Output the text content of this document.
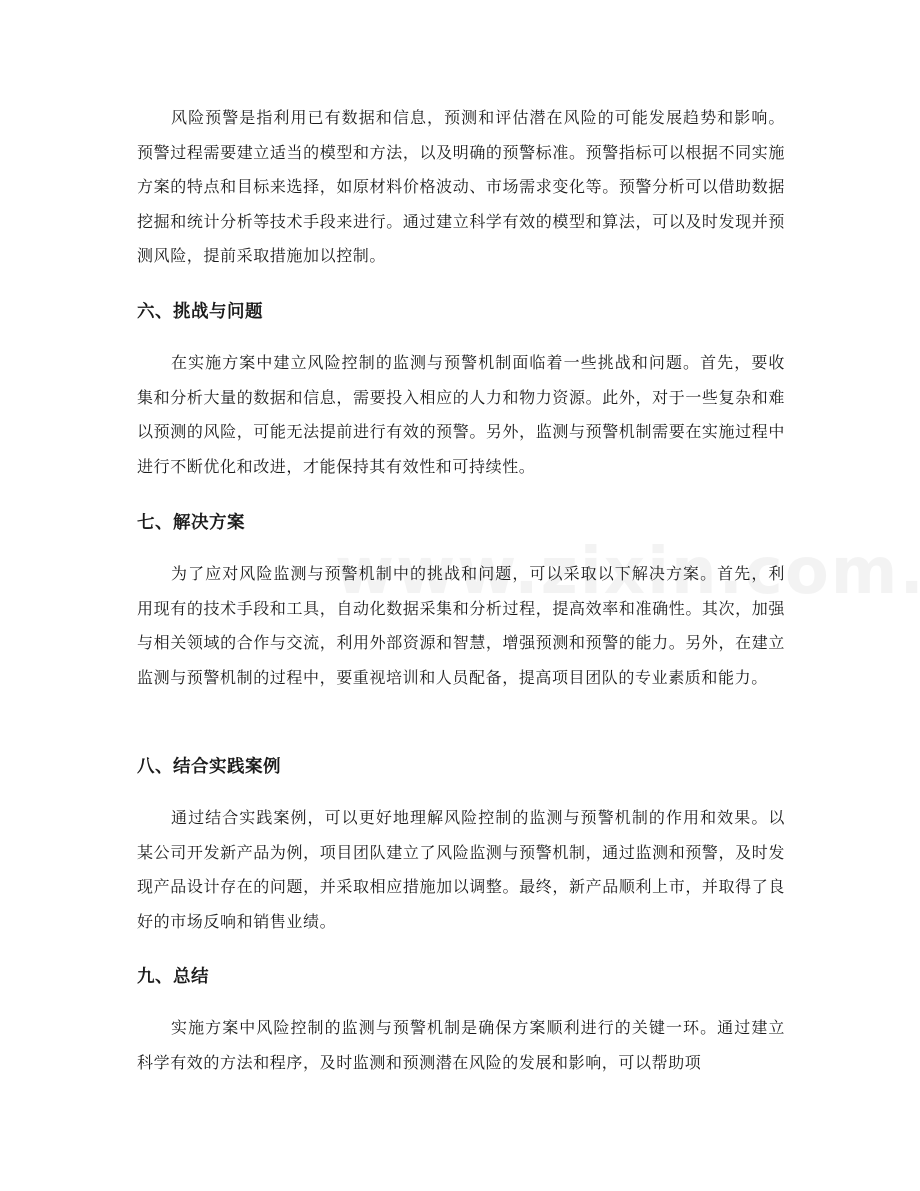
风险预警是指利用已有数据和信息，预测和评估潜在风险的可能发展趋势和影响。预警过程需要建立适当的模型和方法，以及明确的预警标准。预警指标可以根据不同实施方案的特点和目标来选择，如原材料价格波动、市场需求变化等。预警分析可以借助数据挖掘和统计分析等技术手段来进行。通过建立科学有效的模型和算法，可以及时发现并预测风险，提前采取措施加以控制。

六、挑战与问题

在实施方案中建立风险控制的监测与预警机制面临着一些挑战和问题。首先，要收集和分析大量的数据和信息，需要投入相应的人力和物力资源。此外，对于一些复杂和难以预测的风险，可能无法提前进行有效的预警。另外，监测与预警机制需要在实施过程中进行不断优化和改进，才能保持其有效性和可持续性。

七、解决方案

为了应对风险监测与预警机制中的挑战和问题，可以采取以下解决方案。首先，利用现有的技术手段和工具，自动化数据采集和分析过程，提高效率和准确性。其次，加强与相关领域的合作与交流，利用外部资源和智慧，增强预测和预警的能力。另外，在建立监测与预警机制的过程中，要重视培训和人员配备，提高项目团队的专业素质和能力。

八、结合实践案例

通过结合实践案例，可以更好地理解风险控制的监测与预警机制的作用和效果。以某公司开发新产品为例，项目团队建立了风险监测与预警机制，通过监测和预警，及时发现产品设计存在的问题，并采取相应措施加以调整。最终，新产品顺利上市，并取得了良好的市场反响和销售业绩。

九、总结

实施方案中风险控制的监测与预警机制是确保方案顺利进行的关键一环。通过建立科学有效的方法和程序，及时监测和预测潜在风险的发展和影响，可以帮助项
